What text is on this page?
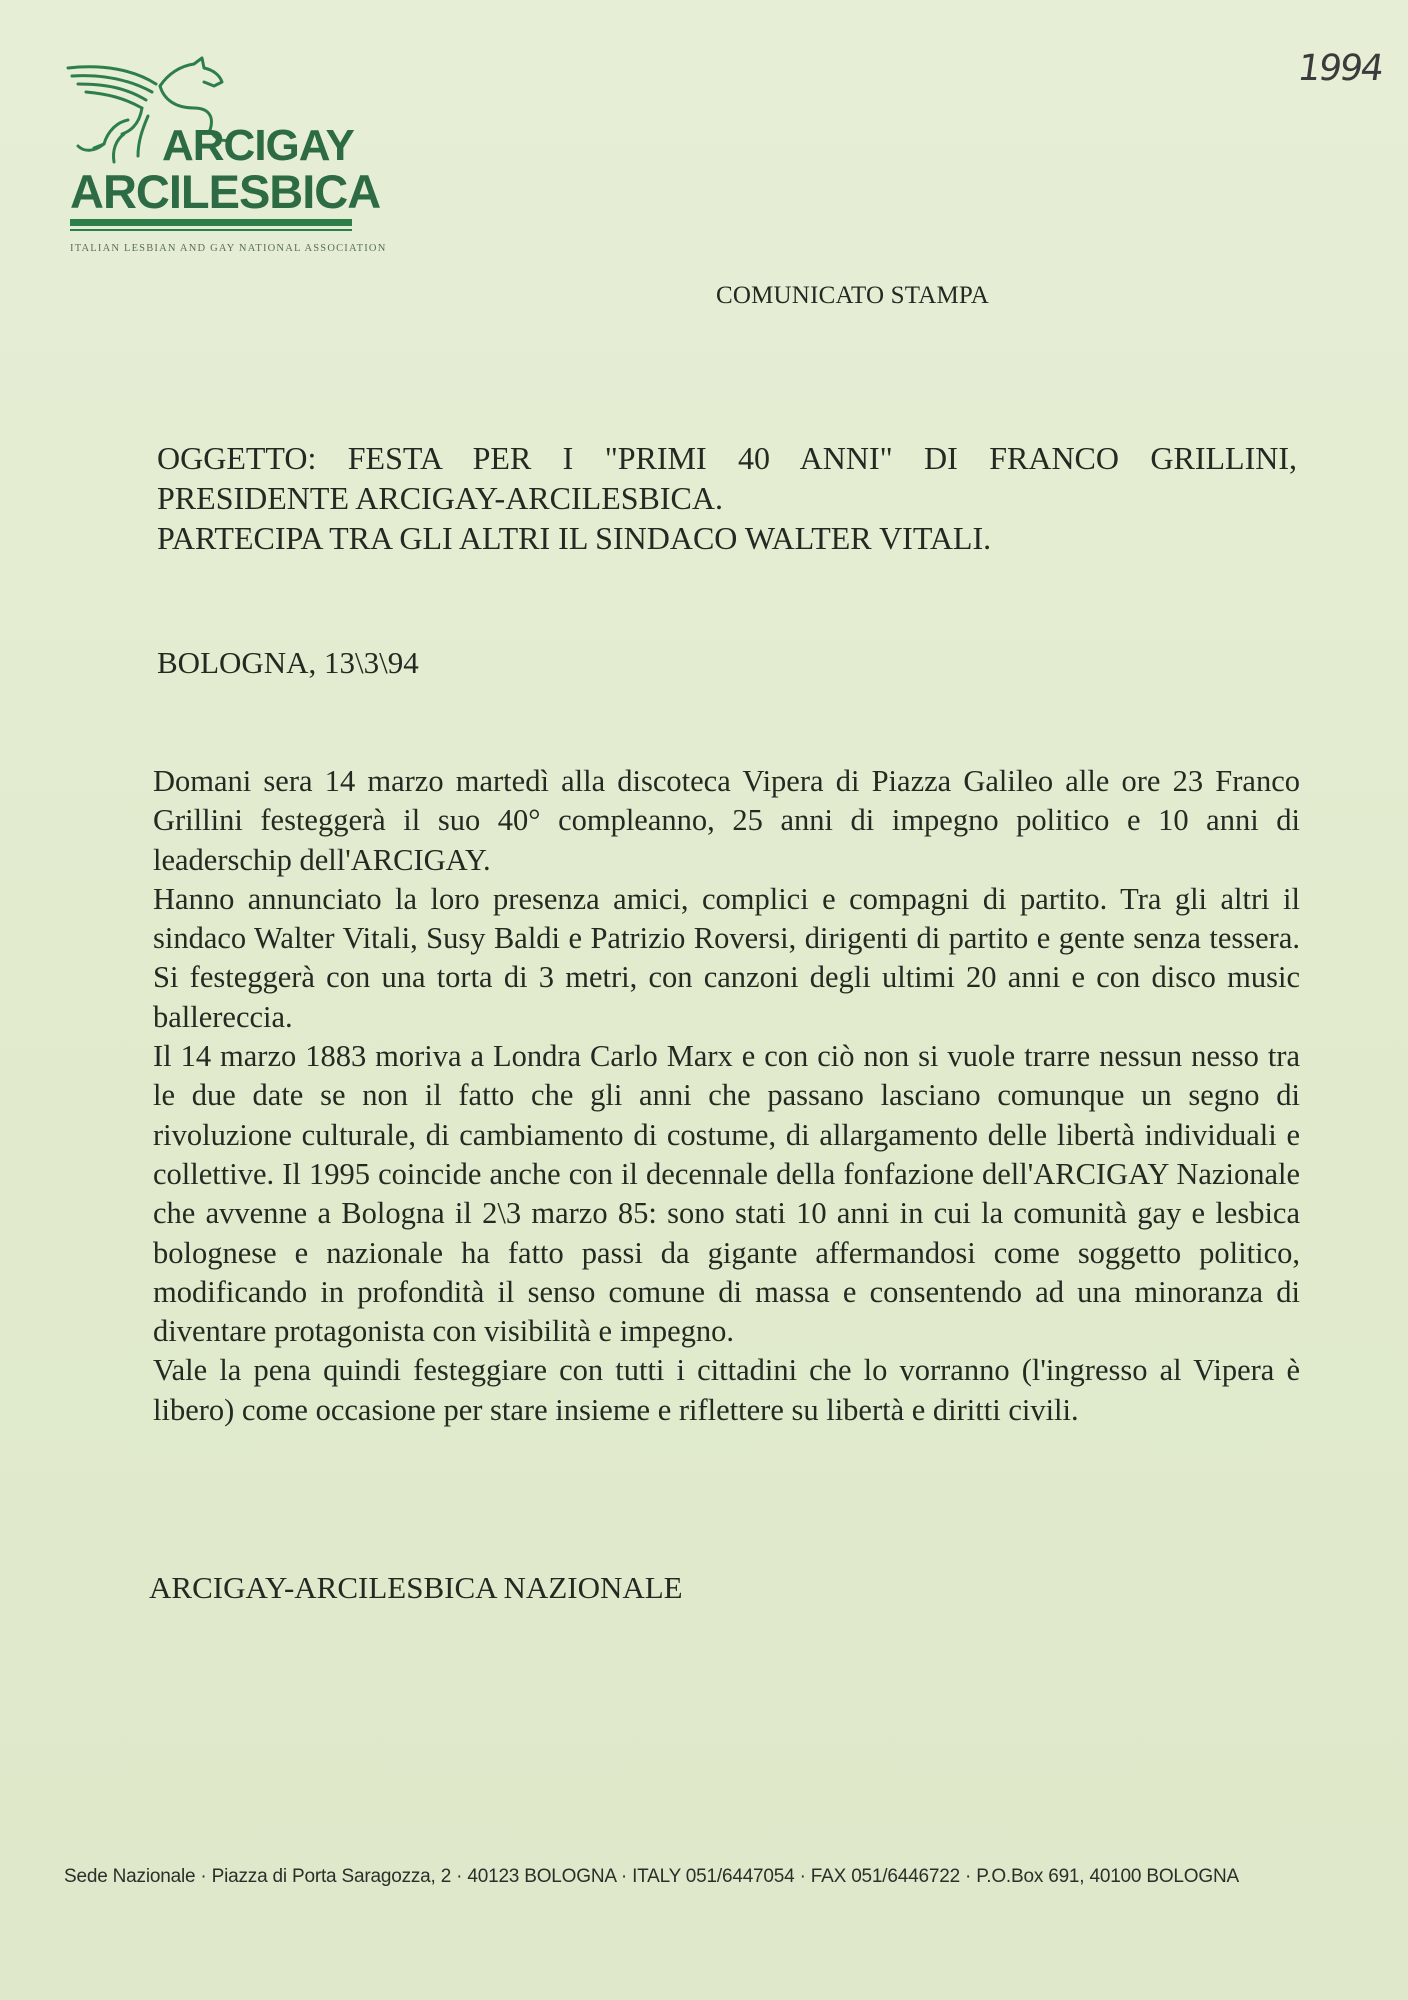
ARCIGAY
ARCILESBICA
ITALIAN LESBIAN AND GAY NATIONAL ASSOCIATION
1994
COMUNICATO STAMPA
OGGETTO: FESTA PER I "PRIMI 40 ANNI" DI FRANCO GRILLINI,
PRESIDENTE ARCIGAY-ARCILESBICA.
PARTECIPA TRA GLI ALTRI IL SINDACO WALTER VITALI.
BOLOGNA, 13\3\94

Domani sera 14 marzo martedì alla discoteca Vipera di Piazza Galileo alle ore 23 Franco Grillini festeggerà il suo 40° compleanno, 25 anni di impegno politico e 10 anni di leaderschip dell'ARCIGAY.

Hanno annunciato la loro presenza amici, complici e compagni di partito. Tra gli altri il sindaco Walter Vitali, Susy Baldi e Patrizio Roversi, dirigenti di partito e gente senza tessera. Si festeggerà con una torta di 3 metri, con canzoni degli ultimi 20 anni e con disco music ballereccia.

Il 14 marzo 1883 moriva a Londra Carlo Marx e con ciò non si vuole trarre nessun nesso tra le due date se non il fatto che gli anni che passano lasciano comunque un segno di rivoluzione culturale, di cambiamento di costume, di allargamento delle libertà individuali e collettive. Il 1995 coincide anche con il decennale della fonfazione dell'ARCIGAY Nazionale che avvenne a Bologna il 2\3 marzo 85: sono stati 10 anni in cui la comunità gay e lesbica bolognese e nazionale ha fatto passi da gigante affermandosi come soggetto politico, modificando in profondità il senso comune di massa e consentendo ad una minoranza di diventare protagonista con visibilità e impegno.

Vale la pena quindi festeggiare con tutti i cittadini che lo vorranno (l'ingresso al Vipera è libero) come occasione per stare insieme e riflettere su libertà e diritti civili.

ARCIGAY-ARCILESBICA NAZIONALE
Sede Nazionale · Piazza di Porta Saragozza, 2 · 40123 BOLOGNA · ITALY 051/6447054 · FAX 051/6446722 · P.O.Box 691, 40100 BOLOGNA
